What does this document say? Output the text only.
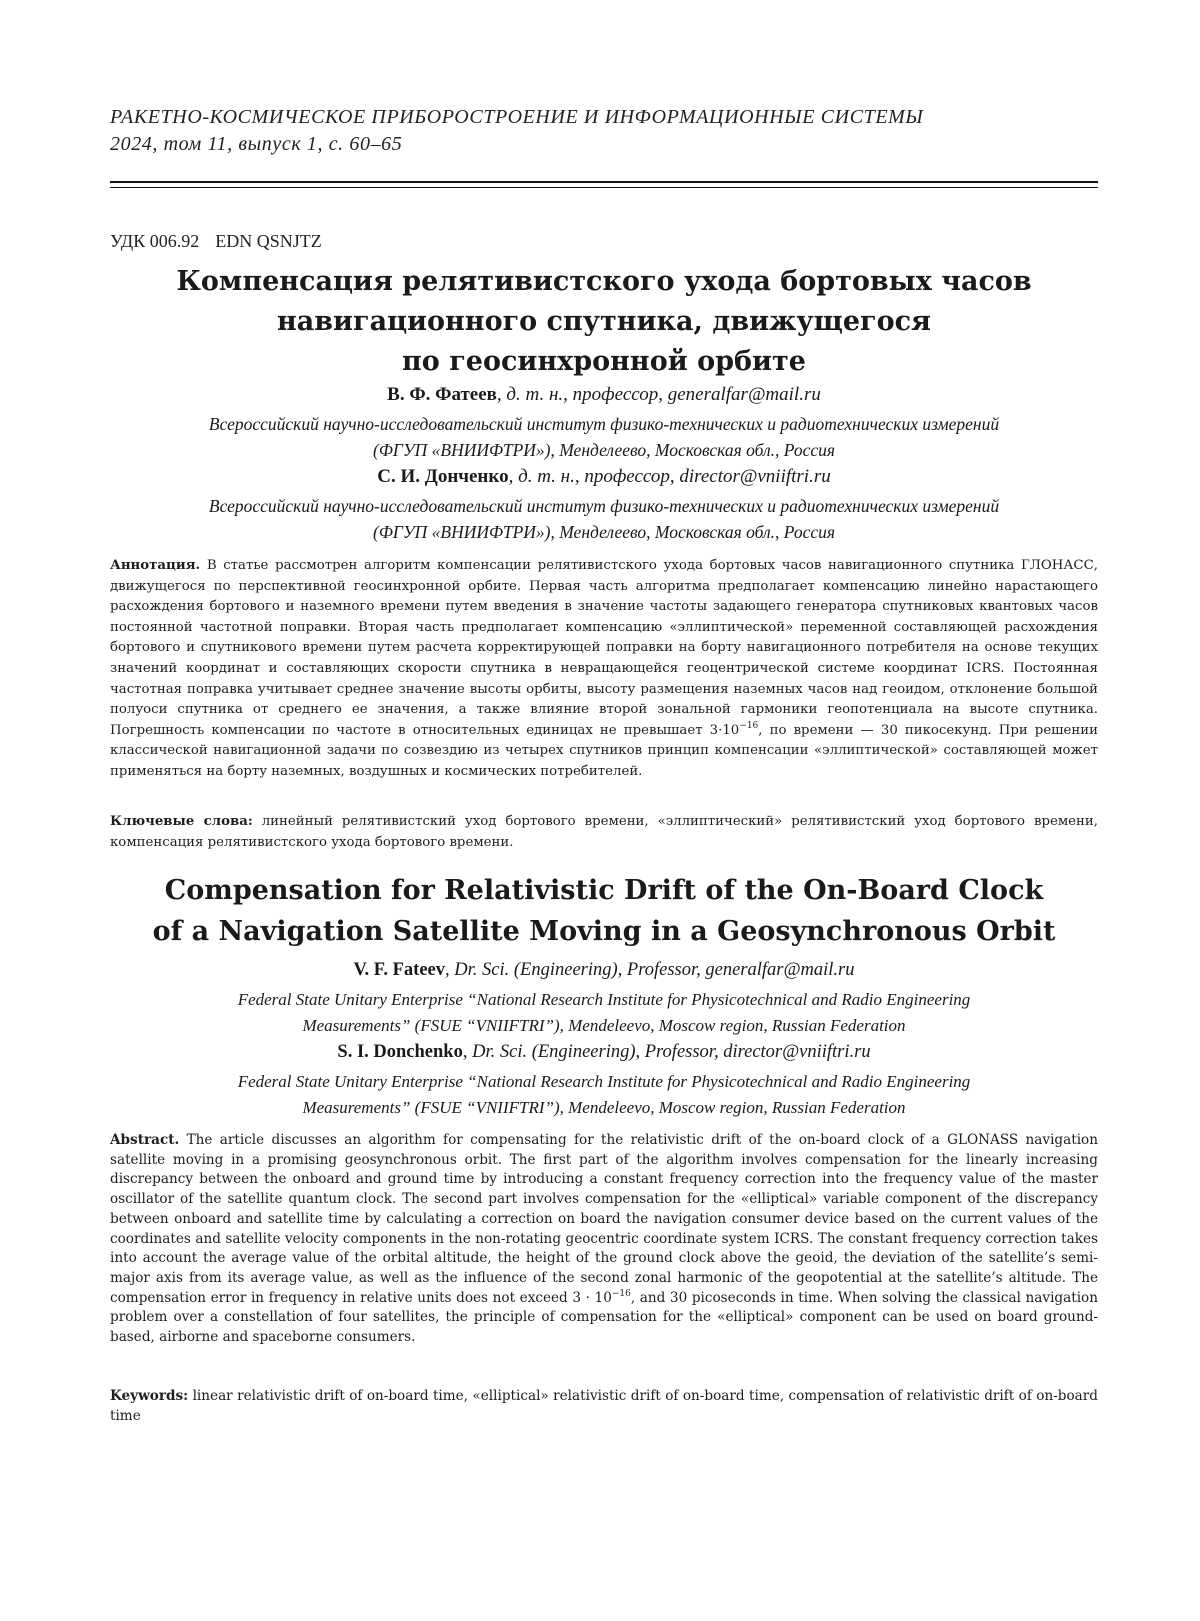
РАКЕТНО-КОСМИЧЕСКОЕ ПРИБОРОСТРОЕНИЕ И ИНФОРМАЦИОННЫЕ СИСТЕМЫ
2024, том 11, выпуск 1, с. 60–65
УДК 006.92 EDN QSNJTZ
Компенсация релятивистского ухода бортовых часов
навигационного спутника, движущегося
по геосинхронной орбите
В. Ф. Фатеев, д. т. н., профессор, generalfar@mail.ru
Всероссийский научно-исследовательский институт физико-технических и радиотехнических измерений
(ФГУП «ВНИИФТРИ»), Менделеево, Московская обл., Россия
С. И. Донченко, д. т. н., профессор, director@vniiftri.ru
Всероссийский научно-исследовательский институт физико-технических и радиотехнических измерений
(ФГУП «ВНИИФТРИ»), Менделеево, Московская обл., Россия
Аннотация. В статье рассмотрен алгоритм компенсации релятивистского ухода бортовых часов навигационного спутника ГЛОНАСС, движущегося по перспективной геосинхронной орбите. Первая часть алгоритма предполагает компенсацию линейно нарастающего расхождения бортового и наземного времени путем введения в значение частоты задающего генератора спутниковых квантовых часов постоянной частотной поправки. Вторая часть предполагает компенсацию «эллиптической» переменной составляющей расхождения бортового и спутникового времени путем расчета корректирующей поправки на борту навигационного потребителя на основе текущих значений координат и составляющих скорости спутника в невращающейся геоцентрической системе координат ICRS. Постоянная частотная поправка учитывает среднее значение высоты орбиты, высоту размещения наземных часов над геоидом, отклонение большой полуоси спутника от среднего ее значения, а также влияние второй зональной гармоники геопотенциала на высоте спутника. Погрешность компенсации по частоте в относительных единицах не превышает $3\cdot 10^{-16}$, по времени — 30 пикосекунд. При решении классической навигационной задачи по созвездию из четырех спутников принцип компенсации «эллиптической» составляющей может применяться на борту наземных, воздушных и космических потребителей.
Ключевые слова: линейный релятивистский уход бортового времени, «эллиптический» релятивистский уход бортового времени, компенсация релятивистского ухода бортового времени.
Compensation for Relativistic Drift of the On-Board Clock
of a Navigation Satellite Moving in a Geosynchronous Orbit
V. F. Fateev, Dr. Sci. (Engineering), Professor, generalfar@mail.ru
Federal State Unitary Enterprise “National Research Institute for Physicotechnical and Radio Engineering
Measurements” (FSUE “VNIIFTRI”), Mendeleevo, Moscow region, Russian Federation
S. I. Donchenko, Dr. Sci. (Engineering), Professor, director@vniiftri.ru
Federal State Unitary Enterprise “National Research Institute for Physicotechnical and Radio Engineering
Measurements” (FSUE “VNIIFTRI”), Mendeleevo, Moscow region, Russian Federation
Abstract. The article discusses an algorithm for compensating for the relativistic drift of the on-board clock of a GLONASS navigation satellite moving in a promising geosynchronous orbit. The first part of the algorithm involves compensation for the linearly increasing discrepancy between the onboard and ground time by introducing a constant frequency correction into the frequency value of the master oscillator of the satellite quantum clock. The second part involves compensation for the «elliptical» variable component of the discrepancy between onboard and satellite time by calculating a correction on board the navigation consumer device based on the current values of the coordinates and satellite velocity components in the non-rotating geocentric coordinate system ICRS. The constant frequency correction takes into account the average value of the orbital altitude, the height of the ground clock above the geoid, the deviation of the satellite’s semi-major axis from its average value, as well as the influence of the second zonal harmonic of the geopotential at the satellite’s altitude. The compensation error in frequency in relative units does not exceed $3 \cdot 10^{-16}$, and 30 picoseconds in time. When solving the classical navigation problem over a constellation of four satellites, the principle of compensation for the «elliptical» component can be used on board ground-based, airborne and spaceborne consumers.
Keywords: linear relativistic drift of on-board time, «elliptical» relativistic drift of on-board time, compensation of relativistic drift of on-board time
